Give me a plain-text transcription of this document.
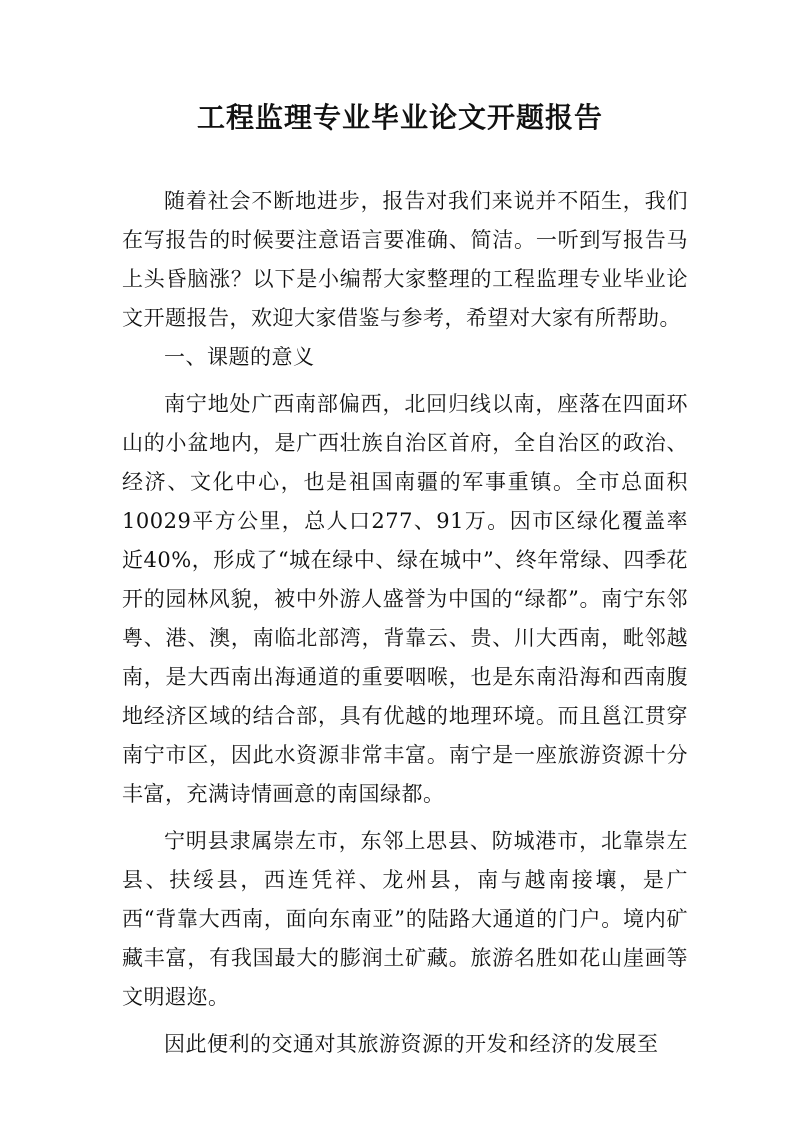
工程监理专业毕业论文开题报告

随着社会不断地进步，报告对我们来说并不陌生，我们在写报告的时候要注意语言要准确、简洁。一听到写报告马上头昏脑涨？以下是小编帮大家整理的工程监理专业毕业论文开题报告，欢迎大家借鉴与参考，希望对大家有所帮助。

一、课题的意义

南宁地处广西南部偏西，北回归线以南，座落在四面环山的小盆地内，是广西壮族自治区首府，全自治区的政治、经济、文化中心，也是祖国南疆的军事重镇。全市总面积10029平方公里，总人口277、91万。因市区绿化覆盖率近40%，形成了“城在绿中、绿在城中”、终年常绿、四季花开的园林风貌，被中外游人盛誉为中国的“绿都”。南宁东邻粤、港、澳，南临北部湾，背靠云、贵、川大西南，毗邻越南，是大西南出海通道的重要咽喉，也是东南沿海和西南腹地经济区域的结合部，具有优越的地理环境。而且邕江贯穿南宁市区，因此水资源非常丰富。南宁是一座旅游资源十分丰富，充满诗情画意的南国绿都。

宁明县隶属崇左市，东邻上思县、防城港市，北靠崇左县、扶绥县，西连凭祥、龙州县，南与越南接壤，是广西“背靠大西南，面向东南亚”的陆路大通道的门户。境内矿藏丰富，有我国最大的膨润土矿藏。旅游名胜如花山崖画等文明遐迩。

因此便利的交通对其旅游资源的开发和经济的发展至
